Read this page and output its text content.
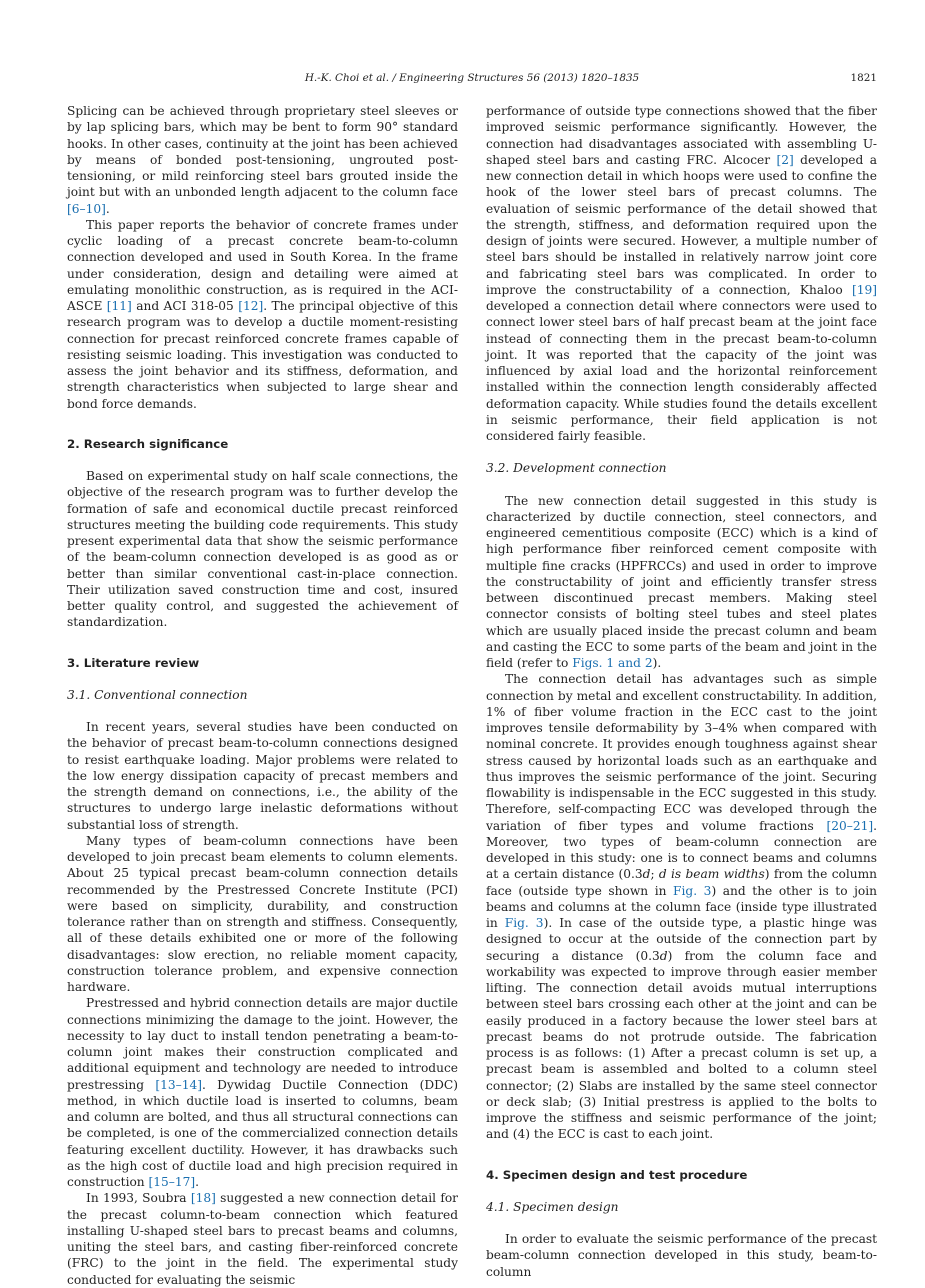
H.-K. Choi et al. / Engineering Structures 56 (2013) 1820–1835	1821

Splicing can be achieved through proprietary steel sleeves or by lap splicing bars, which may be bent to form 90° standard hooks. In other cases, continuity at the joint has been achieved by means of bonded post-tensioning, ungrouted post-tensioning, or mild reinforcing steel bars grouted inside the joint but with an unbonded length adjacent to the column face [6–10].

This paper reports the behavior of concrete frames under cyclic loading of a precast concrete beam-to-column connection developed and used in South Korea. In the frame under consideration, design and detailing were aimed at emulating monolithic construction, as is required in the ACI-ASCE [11] and ACI 318-05 [12]. The principal objective of this research program was to develop a ductile moment-resisting connection for precast reinforced concrete frames capable of resisting seismic loading. This investigation was conducted to assess the joint behavior and its stiffness, deformation, and strength characteristics when subjected to large shear and bond force demands.

2. Research significance

Based on experimental study on half scale connections, the objective of the research program was to further develop the formation of safe and economical ductile precast reinforced structures meeting the building code requirements. This study present experimental data that show the seismic performance of the beam-column connection developed is as good as or better than similar conventional cast-in-place connection. Their utilization saved construction time and cost, insured better quality control, and suggested the achievement of standardization.

3. Literature review
3.1. Conventional connection

In recent years, several studies have been conducted on the behavior of precast beam-to-column connections designed to resist earthquake loading. Major problems were related to the low energy dissipation capacity of precast members and the strength demand on connections, i.e., the ability of the structures to undergo large inelastic deformations without substantial loss of strength.

Many types of beam-column connections have been developed to join precast beam elements to column elements. About 25 typical precast beam-column connection details recommended by the Prestressed Concrete Institute (PCI) were based on simplicity, durability, and construction tolerance rather than on strength and stiffness. Consequently, all of these details exhibited one or more of the following disadvantages: slow erection, no reliable moment capacity, construction tolerance problem, and expensive connection hardware.

Prestressed and hybrid connection details are major ductile connections minimizing the damage to the joint. However, the necessity to lay duct to install tendon penetrating a beam-to-column joint makes their construction complicated and additional equipment and technology are needed to introduce prestressing [13–14]. Dywidag Ductile Connection (DDC) method, in which ductile load is inserted to columns, beam and column are bolted, and thus all structural connections can be completed, is one of the commercialized connection details featuring excellent ductility. However, it has drawbacks such as the high cost of ductile load and high precision required in construction [15–17].

In 1993, Soubra [18] suggested a new connection detail for the precast column-to-beam connection which featured installing U-shaped steel bars to precast beams and columns, uniting the steel bars, and casting fiber-reinforced concrete (FRC) to the joint in the field. The experimental study conducted for evaluating the seismic

performance of outside type connections showed that the fiber improved seismic performance significantly. However, the connection had disadvantages associated with assembling U-shaped steel bars and casting FRC. Alcocer [2] developed a new connection detail in which hoops were used to confine the hook of the lower steel bars of precast columns. The evaluation of seismic performance of the detail showed that the strength, stiffness, and deformation required upon the design of joints were secured. However, a multiple number of steel bars should be installed in relatively narrow joint core and fabricating steel bars was complicated. In order to improve the constructability of a connection, Khaloo [19] developed a connection detail where connectors were used to connect lower steel bars of half precast beam at the joint face instead of connecting them in the precast beam-to-column joint. It was reported that the capacity of the joint was influenced by axial load and the horizontal reinforcement installed within the connection length considerably affected deformation capacity. While studies found the details excellent in seismic performance, their field application is not considered fairly feasible.

3.2. Development connection

The new connection detail suggested in this study is characterized by ductile connection, steel connectors, and engineered cementitious composite (ECC) which is a kind of high performance fiber reinforced cement composite with multiple fine cracks (HPFRCCs) and used in order to improve the constructability of joint and efficiently transfer stress between discontinued precast members. Making steel connector consists of bolting steel tubes and steel plates which are usually placed inside the precast column and beam and casting the ECC to some parts of the beam and joint in the field (refer to Figs. 1 and 2).

The connection detail has advantages such as simple connection by metal and excellent constructability. In addition, 1% of fiber volume fraction in the ECC cast to the joint improves tensile deformability by 3–4% when compared with nominal concrete. It provides enough toughness against shear stress caused by horizontal loads such as an earthquake and thus improves the seismic performance of the joint. Securing flowability is indispensable in the ECC suggested in this study. Therefore, self-compacting ECC was developed through the variation of fiber types and volume fractions [20–21]. Moreover, two types of beam-column connection are developed in this study: one is to connect beams and columns at a certain distance (0.3d; d is beam widths) from the column face (outside type shown in Fig. 3) and the other is to join beams and columns at the column face (inside type illustrated in Fig. 3). In case of the outside type, a plastic hinge was designed to occur at the outside of the connection part by securing a distance (0.3d) from the column face and workability was expected to improve through easier member lifting. The connection detail avoids mutual interruptions between steel bars crossing each other at the joint and can be easily produced in a factory because the lower steel bars at precast beams do not protrude outside. The fabrication process is as follows: (1) After a precast column is set up, a precast beam is assembled and bolted to a column steel connector; (2) Slabs are installed by the same steel connector or deck slab; (3) Initial prestress is applied to the bolts to improve the stiffness and seismic performance of the joint; and (4) the ECC is cast to each joint.

4. Specimen design and test procedure
4.1. Specimen design

In order to evaluate the seismic performance of the precast beam-column connection developed in this study, beam-to-column
